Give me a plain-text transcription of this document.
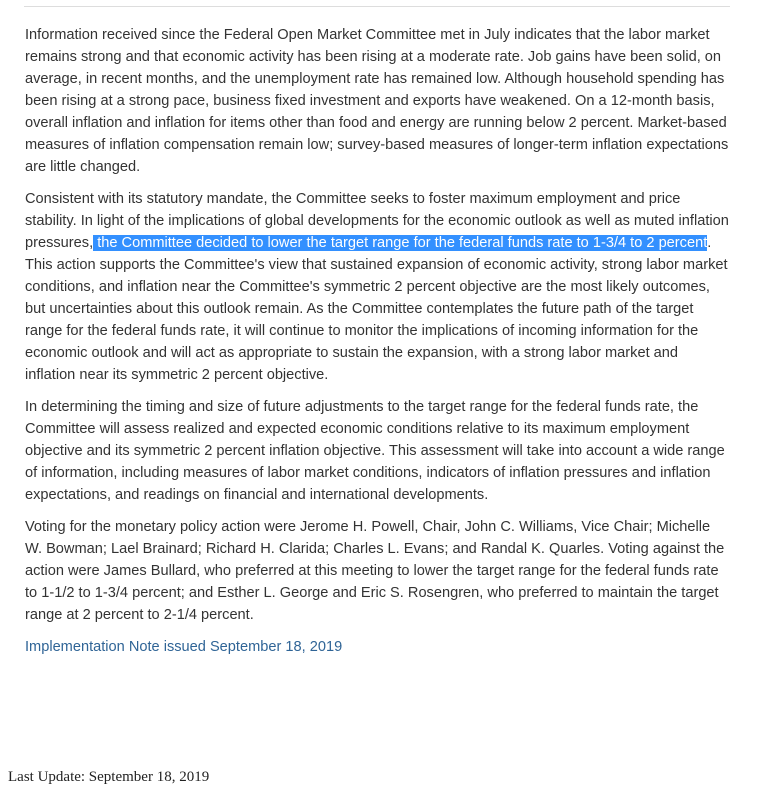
Information received since the Federal Open Market Committee met in July indicates that the labor market remains strong and that economic activity has been rising at a moderate rate. Job gains have been solid, on average, in recent months, and the unemployment rate has remained low. Although household spending has been rising at a strong pace, business fixed investment and exports have weakened. On a 12-month basis, overall inflation and inflation for items other than food and energy are running below 2 percent. Market-based measures of inflation compensation remain low; survey-based measures of longer-term inflation expectations are little changed.

Consistent with its statutory mandate, the Committee seeks to foster maximum employment and price stability. In light of the implications of global developments for the economic outlook as well as muted inflation pressures, the Committee decided to lower the target range for the federal funds rate to 1-3/4 to 2 percent. This action supports the Committee's view that sustained expansion of economic activity, strong labor market conditions, and inflation near the Committee's symmetric 2 percent objective are the most likely outcomes, but uncertainties about this outlook remain. As the Committee contemplates the future path of the target range for the federal funds rate, it will continue to monitor the implications of incoming information for the economic outlook and will act as appropriate to sustain the expansion, with a strong labor market and inflation near its symmetric 2 percent objective.

In determining the timing and size of future adjustments to the target range for the federal funds rate, the Committee will assess realized and expected economic conditions relative to its maximum employment objective and its symmetric 2 percent inflation objective. This assessment will take into account a wide range of information, including measures of labor market conditions, indicators of inflation pressures and inflation expectations, and readings on financial and international developments.

Voting for the monetary policy action were Jerome H. Powell, Chair, John C. Williams, Vice Chair; Michelle W. Bowman; Lael Brainard; Richard H. Clarida; Charles L. Evans; and Randal K. Quarles. Voting against the action were James Bullard, who preferred at this meeting to lower the target range for the federal funds rate to 1-1/2 to 1-3/4 percent; and Esther L. George and Eric S. Rosengren, who preferred to maintain the target range at 2 percent to 2-1/4 percent.

Implementation Note issued September 18, 2019

Last Update: September 18, 2019
